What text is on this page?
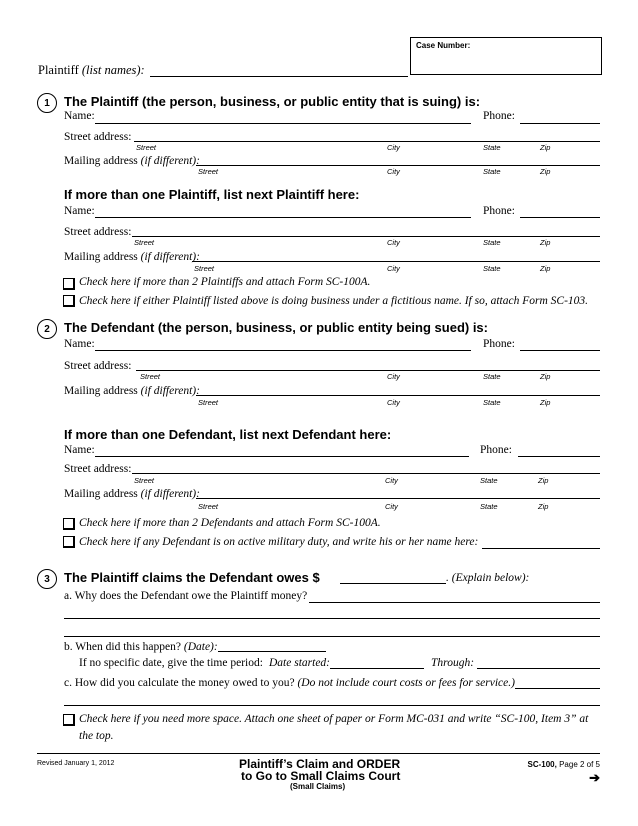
Case Number:
Plaintiff (list names):
1	The Plaintiff (the person, business, or public entity that is suing) is:
Name:	Phone:
Street address:
Street	City	State	Zip
Mailing address (if different):
Street	City	State	Zip
If more than one Plaintiff, list next Plaintiff here:
Name:	Phone:
Street address:
Street	City	State	Zip
Mailing address (if different):
Street	City	State	Zip
Check here if more than 2 Plaintiffs and attach Form SC-100A.
Check here if either Plaintiff listed above is doing business under a fictitious name. If so, attach Form SC-103.
2	The Defendant (the person, business, or public entity being sued) is:
Name:	Phone:
Street address:
Street	City	State	Zip
Mailing address (if different):
Street	City	State	Zip
If more than one Defendant, list next Defendant here:
Name:	Phone:
Street address:
Street	City	State	Zip
Mailing address (if different):
Street	City	State	Zip
Check here if more than 2 Defendants and attach Form SC-100A.
Check here if any Defendant is on active military duty, and write his or her name here:
3	The Plaintiff claims the Defendant owes $	. (Explain below):
a. Why does the Defendant owe the Plaintiff money?
b. When did this happen? (Date):
If no specific date, give the time period: Date started:	Through:
c. How did you calculate the money owed to you? (Do not include court costs or fees for service.)
Check here if you need more space. Attach one sheet of paper or Form MC-031 and write “SC-100, Item 3” at
the top.
Revised January 1, 2012	Plaintiff’s Claim and ORDER
to Go to Small Claims Court
(Small Claims)
SC-100, Page 2 of 5
➔
